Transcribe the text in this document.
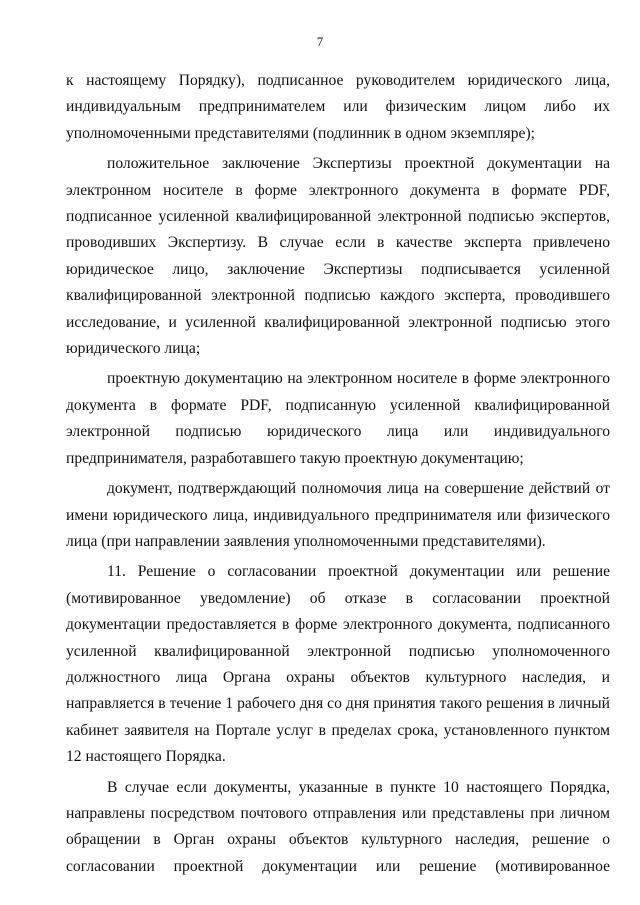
7

к настоящему Порядку), подписанное руководителем юридического лица, индивидуальным предпринимателем или физическим лицом либо их уполномоченными представителями (подлинник в одном экземпляре);

положительное заключение Экспертизы проектной документации на электронном носителе в форме электронного документа в формате PDF, подписанное усиленной квалифицированной электронной подписью экспертов, проводивших Экспертизу. В случае если в качестве эксперта привлечено юридическое лицо, заключение Экспертизы подписывается усиленной квалифицированной электронной подписью каждого эксперта, проводившего исследование, и усиленной квалифицированной электронной подписью этого юридического лица;

проектную документацию на электронном носителе в форме электронного документа в формате PDF, подписанную усиленной квалифицированной электронной подписью юридического лица или индивидуального предпринимателя, разработавшего такую проектную документацию;

документ, подтверждающий полномочия лица на совершение действий от имени юридического лица, индивидуального предпринимателя или физического лица (при направлении заявления уполномоченными представителями).

11. Решение о согласовании проектной документации или решение (мотивированное уведомление) об отказе в согласовании проектной документации предоставляется в форме электронного документа, подписанного усиленной квалифицированной электронной подписью уполномоченного должностного лица Органа охраны объектов культурного наследия, и направляется в течение 1 рабочего дня со дня принятия такого решения в личный кабинет заявителя на Портале услуг в пределах срока, установленного пунктом 12 настоящего Порядка.

В случае если документы, указанные в пункте 10 настоящего Порядка, направлены посредством почтового отправления или представлены при личном обращении в Орган охраны объектов культурного наследия, решение о согласовании проектной документации или решение (мотивированное
